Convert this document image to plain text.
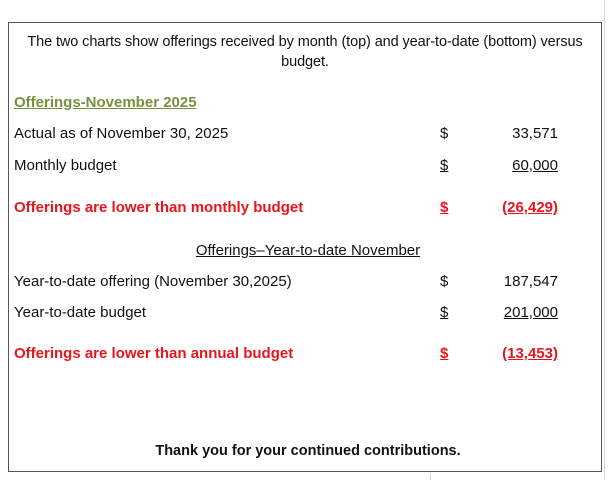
The two charts show offerings received by month (top) and year-to-date (bottom) versus budget.
Offerings-November 2025
Actual as of November 30, 2025	$	33,571
Monthly budget	$	60,000
Offerings are lower than monthly budget	$	(26,429)
Offerings–Year-to-date November
Year-to-date offering (November 30,2025)	$	187,547
Year-to-date budget	$	201,000
Offerings are lower than annual budget	$	(13,453)
Thank you for your continued contributions.
